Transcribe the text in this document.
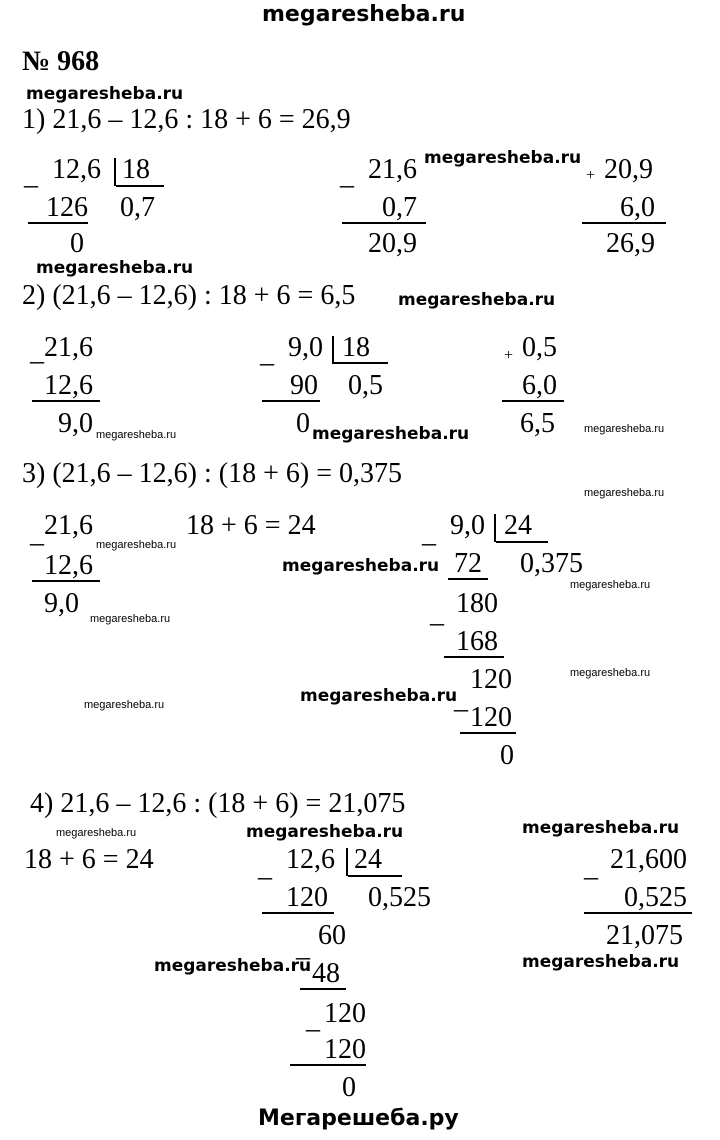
megaresheba.ru
№ 968
megaresheba.ru
1) 21,6 – 12,6 : 18 + 6 = 26,9
_ 12,6 18
126 0,7
0
_ 21,6 megaresheba.ru
0,7
20,9
+ 20,9
6,0
26,9
megaresheba.ru
2) (21,6 – 12,6) : 18 + 6 = 6,5	megaresheba.ru
_ 21,6
12,6
9,0 megaresheba.ru
_ 9,0 18
90 0,5
0 megaresheba.ru
+ 0,5
6,0
6,5	megaresheba.ru
3) (21,6 – 12,6) : (18 + 6) = 0,375
megaresheba.ru
_ 21,6
megaresheba.ru
12,6
9,0 megaresheba.ru
18 + 6 = 24
megaresheba.ru
_ 9,0 24
72 0,375
megaresheba.ru
_ 180
168
120	megaresheba.ru
_
120
0
megaresheba.ru	megaresheba.ru
4) 21,6 – 12,6 : (18 + 6) = 21,075
megaresheba.ru	megaresheba.ru	megaresheba.ru
18 + 6 = 24	_ 12,6 24
120 0,525
_ 60
megaresheba.ru 48
_ 120
120
0
_ 21,600
0,525
21,075
megaresheba.ru
Мегарешеба.ру
